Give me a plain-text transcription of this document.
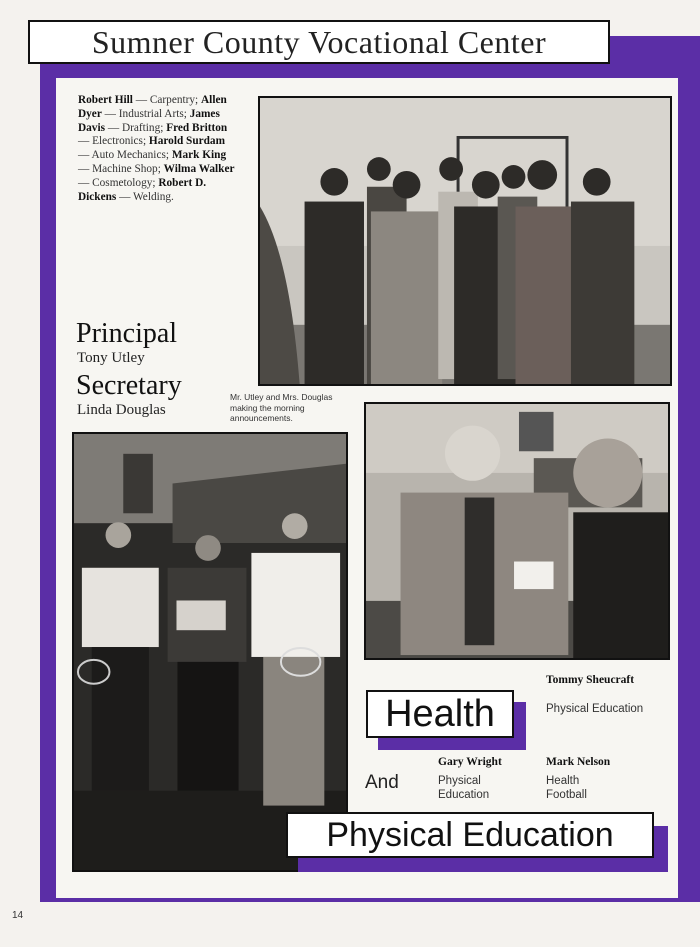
Sumner County Vocational Center
Robert Hill — Carpentry; Allen Dyer — Industrial Arts; James Davis — Drafting; Fred Britton — Electronics; Harold Surdam — Auto Mechanics; Mark King — Machine Shop; Wilma Walker — Cosmetology; Robert D. Dickens — Welding.
Principal
Tony Utley
Secretary
Linda Douglas
Mr. Utley and Mrs. Douglas making the morning announcements.
Health
Tommy Sheucraft
Physical Education
Gary Wright
Physical
Education
Mark Nelson
Health
Football
And
Physical Education
14
